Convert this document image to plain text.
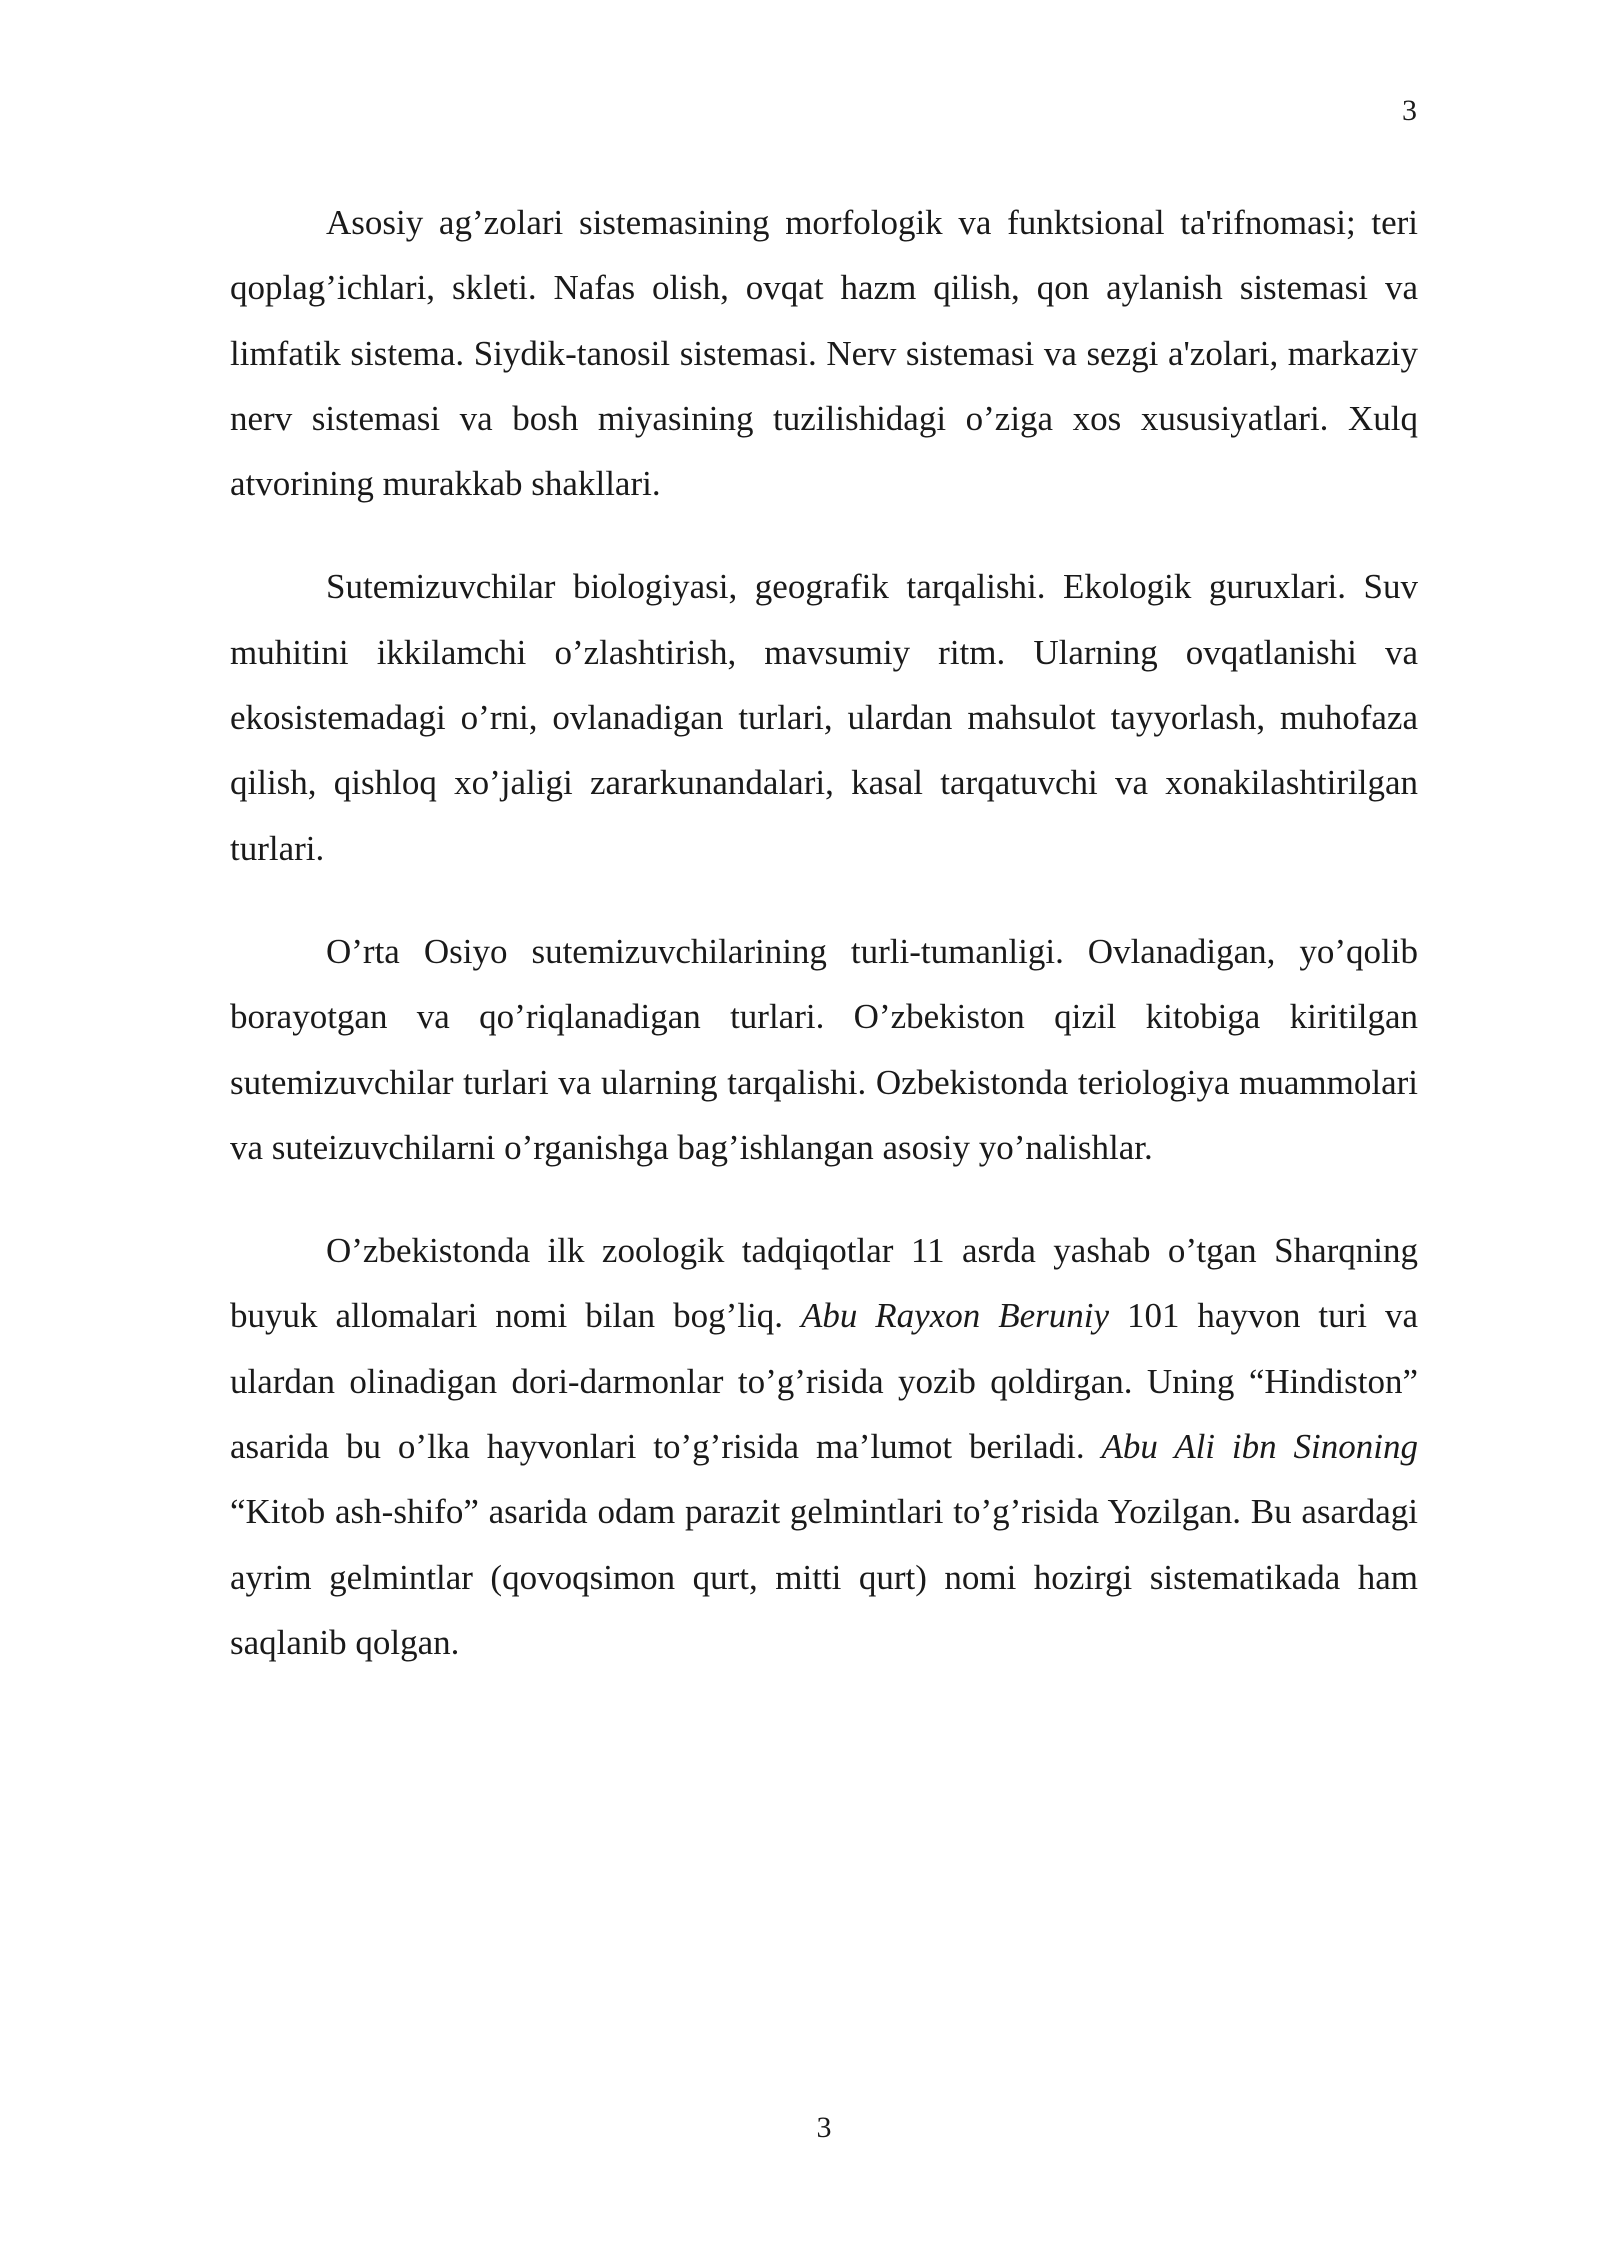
3

Asosiy ag’zolari sistemasining morfologik va funktsional ta'rifnomasi; teri qoplag’ichlari, skleti. Nafas olish, ovqat hazm qilish, qon aylanish sistemasi va limfatik sistema. Siydik-tanosil sistemasi. Nerv sistemasi va sezgi a'zolari, markaziy nerv sistemasi va bosh miyasining tuzilishidagi o’ziga xos xususiyatlari. Xulq atvorining murakkab shakllari.

Sutemizuvchilar biologiyasi, geografik tarqalishi. Ekologik guruxlari. Suv muhitini ikkilamchi o’zlashtirish, mavsumiy ritm. Ularning ovqatlanishi va ekosistemadagi o’rni, ovlanadigan turlari, ulardan mahsulot tayyorlash, muhofaza qilish, qishloq xo’jaligi zararkunandalari, kasal tarqatuvchi va xonakilashtirilgan turlari.

O’rta Osiyo sutemizuvchilarining turli-tumanligi. Ovlanadigan, yo’qolib borayotgan va qo’riqlanadigan turlari. O’zbekiston qizil kitobiga kiritilgan sutemizuvchilar turlari va ularning tarqalishi. Ozbekistonda teriologiya muammolari va suteizuvchilarni o’rganishga bag’ishlangan asosiy yo’nalishlar.

O’zbekistonda ilk zoologik tadqiqotlar 11 asrda yashab o’tgan Sharqning buyuk allomalari nomi bilan bog’liq. Abu Rayxon Beruniy 101 hayvon turi va ulardan olinadigan dori-darmonlar to’g’risida yozib qoldirgan. Uning “Hindiston” asarida bu o’lka hayvonlari to’g’risida ma’lumot beriladi. Abu Ali ibn Sinoning “Kitob ash-shifo” asarida odam parazit gelmintlari to’g’risida Yozilgan. Bu asardagi ayrim gelmintlar (qovoqsimon qurt, mitti qurt) nomi hozirgi sistematikada ham saqlanib qolgan.

3
